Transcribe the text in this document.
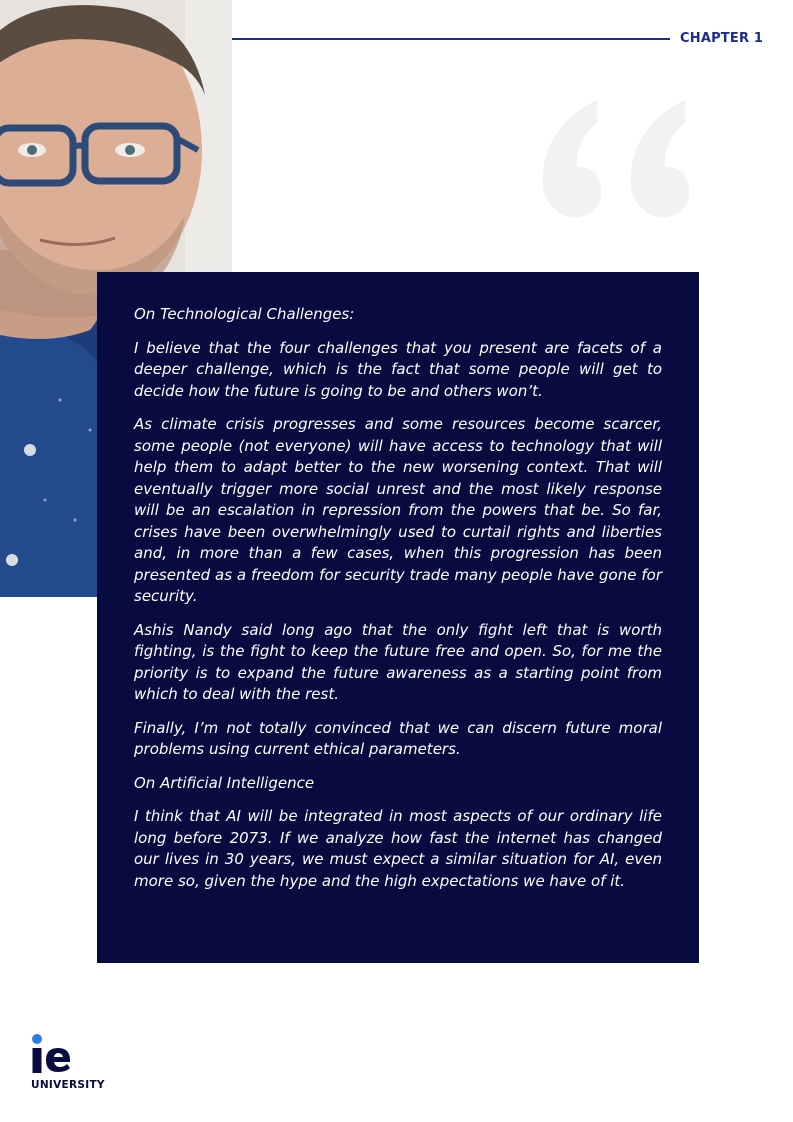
CHAPTER 1

On Technological Challenges:

I believe that the four challenges that you present are facets of a deeper challenge, which is the fact that some people will get to decide how the future is going to be and others won’t.

As climate crisis progresses and some resources become scarcer, some people (not everyone) will have access to technology that will help them to adapt better to the new worsening context. That will eventually trigger more social unrest and the most likely response will be an escalation in repression from the powers that be. So far, crises have been overwhelmingly used to curtail rights and liberties and, in more than a few cases, when this progression has been presented as a freedom for security trade many people have gone for security.

Ashis Nandy said long ago that the only fight left that is worth fighting, is the fight to keep the future free and open. So, for me the priority is to expand the future awareness as a starting point from which to deal with the rest.

Finally, I’m not totally convinced that we can discern future moral problems using current ethical parameters.

On Artificial Intelligence

I think that AI will be integrated in most aspects of our ordinary life long before 2073. If we analyze how fast the internet has changed our lives in 30 years, we must expect a similar situation for AI, even more so, given the hype and the high expectations we have of it.

UNIVERSITY
